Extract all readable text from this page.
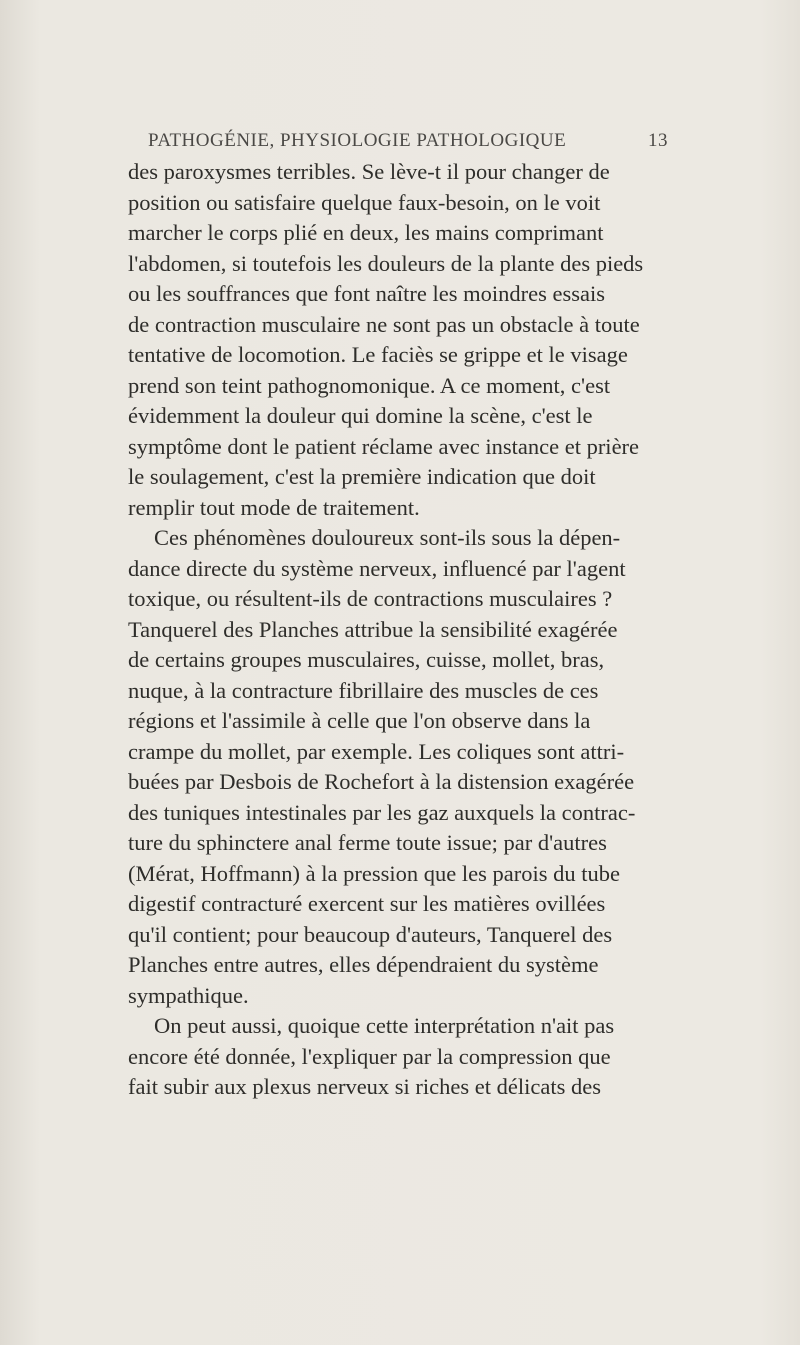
PATHOGÉNIE, PHYSIOLOGIE PATHOLOGIQUE	13
des paroxysmes terribles. Se lève-t il pour changer de
position ou satisfaire quelque faux-besoin, on le voit
marcher le corps plié en deux, les mains comprimant
l'abdomen, si toutefois les douleurs de la plante des pieds
ou les souffrances que font naître les moindres essais
de contraction musculaire ne sont pas un obstacle à toute
tentative de locomotion. Le faciès se grippe et le visage
prend son teint pathognomonique. A ce moment, c'est
évidemment la douleur qui domine la scène, c'est le
symptôme dont le patient réclame avec instance et prière
le soulagement, c'est la première indication que doit
remplir tout mode de traitement.
Ces phénomènes douloureux sont-ils sous la dépen-
dance directe du système nerveux, influencé par l'agent
toxique, ou résultent-ils de contractions musculaires ?
Tanquerel des Planches attribue la sensibilité exagérée
de certains groupes musculaires, cuisse, mollet, bras,
nuque, à la contracture fibrillaire des muscles de ces
régions et l'assimile à celle que l'on observe dans la
crampe du mollet, par exemple. Les coliques sont attri-
buées par Desbois de Rochefort à la distension exagérée
des tuniques intestinales par les gaz auxquels la contrac-
ture du sphinctere anal ferme toute issue; par d'autres
(Mérat, Hoffmann) à la pression que les parois du tube
digestif contracturé exercent sur les matières ovillées
qu'il contient; pour beaucoup d'auteurs, Tanquerel des
Planches entre autres, elles dépendraient du système
sympathique.
On peut aussi, quoique cette interprétation n'ait pas
encore été donnée, l'expliquer par la compression que
fait subir aux plexus nerveux si riches et délicats des
